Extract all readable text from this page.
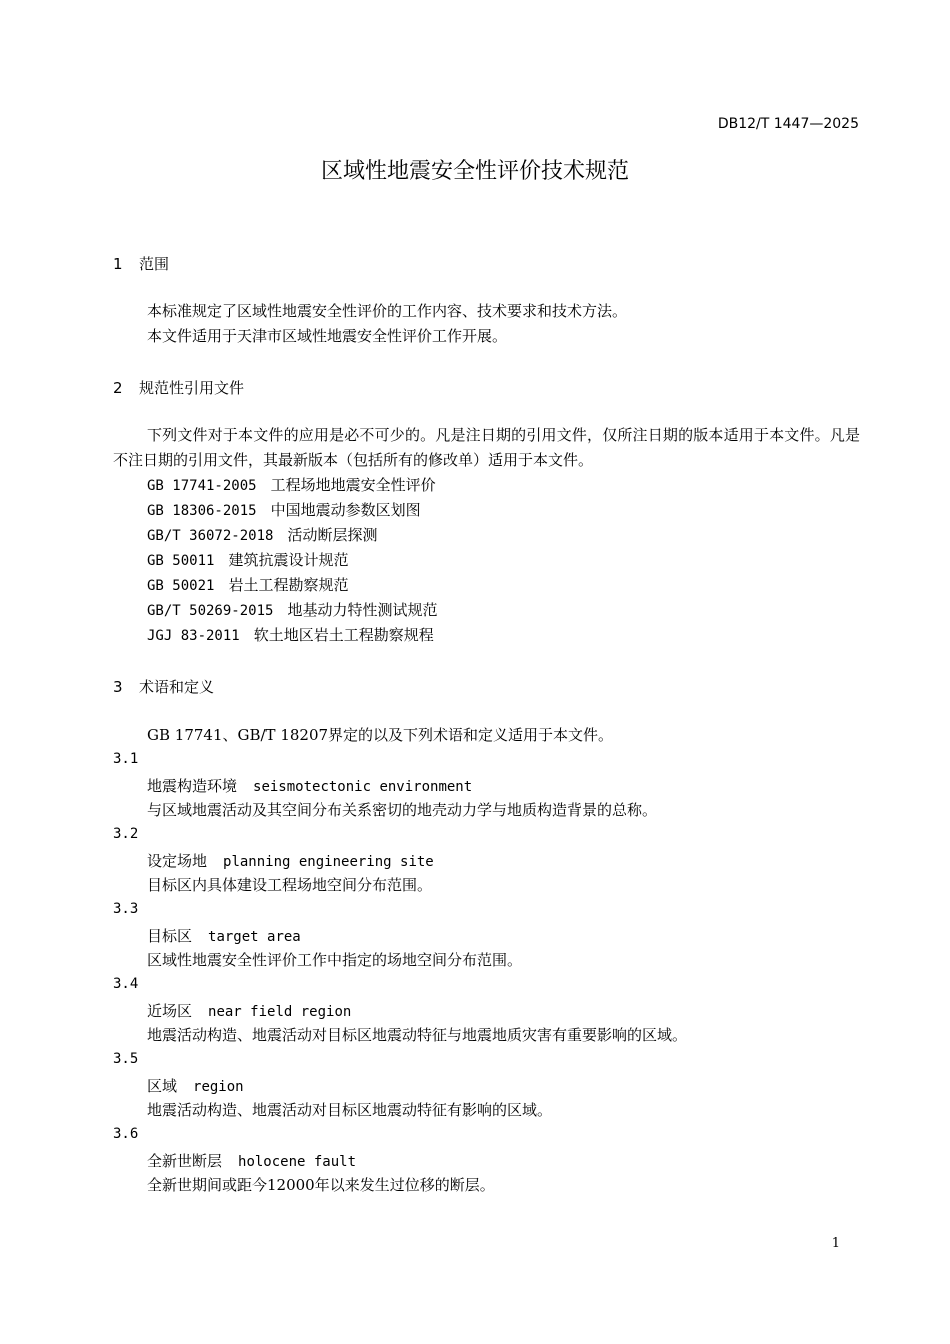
DB12/T 1447—2025
区域性地震安全性评价技术规范
1 范围
本标准规定了区域性地震安全性评价的工作内容、技术要求和技术方法。
本文件适用于天津市区域性地震安全性评价工作开展。
2 规范性引用文件
下列文件对于本文件的应用是必不可少的。凡是注日期的引用文件，仅所注日期的版本适用于本文件。凡是不注日期的引用文件，其最新版本（包括所有的修改单）适用于本文件。
GB 17741-2005 工程场地地震安全性评价
GB 18306-2015 中国地震动参数区划图
GB/T 36072-2018 活动断层探测
GB 50011 建筑抗震设计规范
GB 50021 岩土工程勘察规范
GB/T 50269-2015 地基动力特性测试规范
JGJ 83-2011 软土地区岩土工程勘察规程
3 术语和定义
GB 17741、GB/T 18207界定的以及下列术语和定义适用于本文件。
3.1
地震构造环境 seismotectonic environment
与区域地震活动及其空间分布关系密切的地壳动力学与地质构造背景的总称。
3.2
设定场地 planning engineering site
目标区内具体建设工程场地空间分布范围。
3.3
目标区 target area
区域性地震安全性评价工作中指定的场地空间分布范围。
3.4
近场区 near field region
地震活动构造、地震活动对目标区地震动特征与地震地质灾害有重要影响的区域。
3.5
区域 region
地震活动构造、地震活动对目标区地震动特征有影响的区域。
3.6
全新世断层 holocene fault
全新世期间或距今12000年以来发生过位移的断层。
1
